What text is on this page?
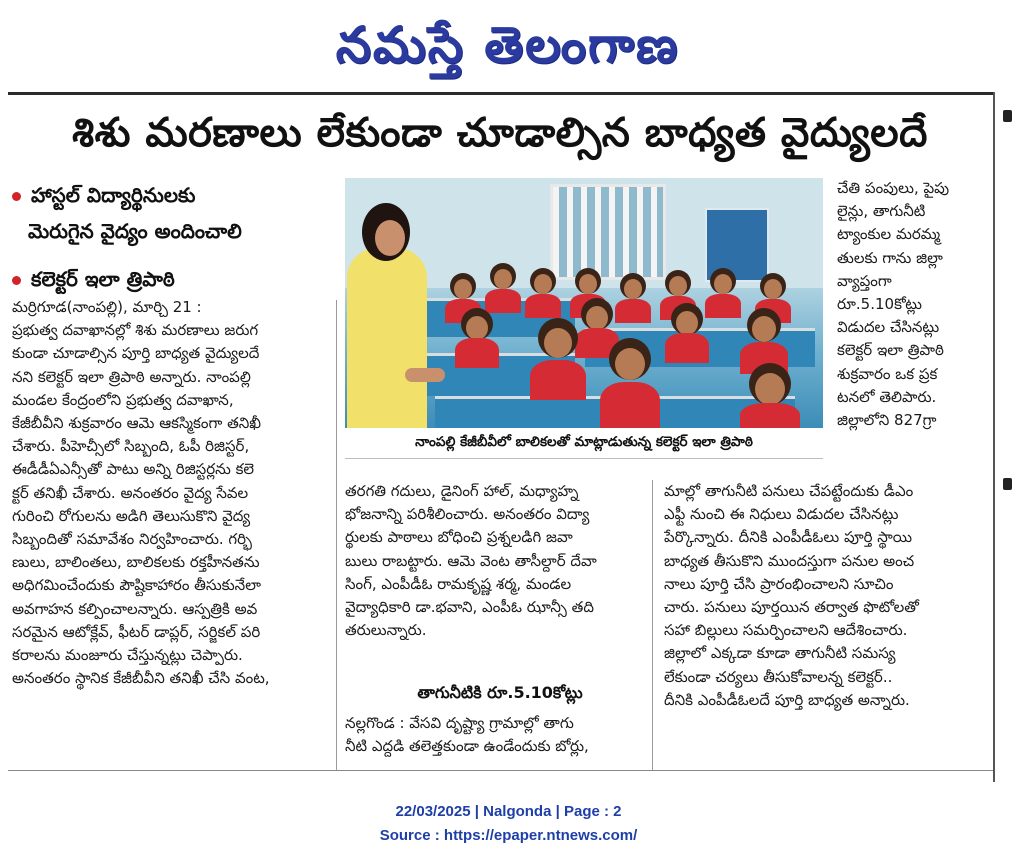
నమస్తే తెలంగాణ
శిశు మరణాలు లేకుండా చూడాల్సిన బాధ్యత వైద్యులదే
హాస్టల్ విద్యార్థినులకు
మెరుగైన వైద్యం అందించాలి
కలెక్టర్ ఇలా త్రిపాఠి

మర్రిగూడ(నాంపల్లి), మార్చి 21 :

ప్రభుత్వ దవాఖానల్లో శిశు మరణాలు జరుగ

కుండా చూడాల్సిన పూర్తి బాధ్యత వైద్యులదే

నని కలెక్టర్ ఇలా త్రిపాఠి అన్నారు. నాంపల్లి

మండల కేంద్రంలోని ప్రభుత్వ దవాఖాన,

కేజీబీవీని శుక్రవారం ఆమె ఆకస్మికంగా తనిఖీ

చేశారు. పీహెచ్సీలో సిబ్బంది, ఓపీ రిజిస్టర్,

ఈడీడీఏఎన్సీతో పాటు అన్ని రిజిస్టర్లను కలె

క్టర్ తనిఖీ చేశారు. అనంతరం వైద్య సేవల

గురించి రోగులను అడిగి తెలుసుకొని వైద్య

సిబ్బందితో సమావేశం నిర్వహించారు. గర్భి

ణులు, బాలింతలు, బాలికలకు రక్తహీనతను

అధిగమించేందుకు పౌష్టికాహారం తీసుకునేలా

అవగాహన కల్పించాలన్నారు. ఆస్పత్రికి అవ

సరమైన ఆటోక్లేవ్, ఫీటర్ డాప్లర్, సర్జికల్ పరి

కరాలను మంజూరు చేస్తున్నట్లు చెప్పారు.

అనంతరం స్థానిక కేజీబీవీని తనిఖీ చేసి వంట,

నాంపల్లి కేజీబీవీలో బాలికలతో మాట్లాడుతున్న కలెక్టర్ ఇలా త్రిపాఠి

తరగతి గదులు, డైనింగ్ హాల్, మధ్యాహ్న

భోజనాన్ని పరిశీలించారు. అనంతరం విద్యా

ర్థులకు పాఠాలు బోధించి ప్రశ్నలడిగి జవా

బులు రాబట్టారు. ఆమె వెంట తాసీల్దార్ దేవా

సింగ్, ఎంపీడీఓ రామకృష్ణ శర్మ, మండల

వైద్యాధికారి డా.భవాని, ఎంపీఓ ఝాన్సీ తది

తరులున్నారు.

తాగునీటికి రూ.5.10కోట్లు

నల్లగొండ : వేసవి దృష్ట్యా గ్రామాల్లో తాగు

నీటి ఎద్దడి తలెత్తకుండా ఉండేందుకు బోర్లు,

మాల్లో తాగునీటి పనులు చేపట్టేందుకు డీఎం

ఎఫ్టీ నుంచి ఈ నిధులు విడుదల చేసినట్లు

పేర్కొన్నారు. దీనికి ఎంపీడీఓలు పూర్తి స్థాయి

బాధ్యత తీసుకొని ముందస్తుగా పనుల అంచ

నాలు పూర్తి చేసి ప్రారంభించాలని సూచిం

చారు. పనులు పూర్తయిన తర్వాత ఫొటోలతో

సహా బిల్లులు సమర్పించాలని ఆదేశించారు.

జిల్లాలో ఎక్కడా కూడా తాగునీటి సమస్య

లేకుండా చర్యలు తీసుకోవాలన్న కలెక్టర్..

దీనికి ఎంపీడీఓలదే పూర్తి బాధ్యత అన్నారు.

చేతి పంపులు, పైపు

లైన్లు, తాగునీటి

ట్యాంకుల మరమ్మ

తులకు గాను జిల్లా

వ్యాప్తంగా

రూ.5.10కోట్లు

విడుదల చేసినట్లు

కలెక్టర్ ఇలా త్రిపాఠి

శుక్రవారం ఒక ప్రక

టనలో తెలిపారు.

జిల్లాలోని 827గ్రా

22/03/2025 | Nalgonda | Page : 2
Source : https://epaper.ntnews.com/
